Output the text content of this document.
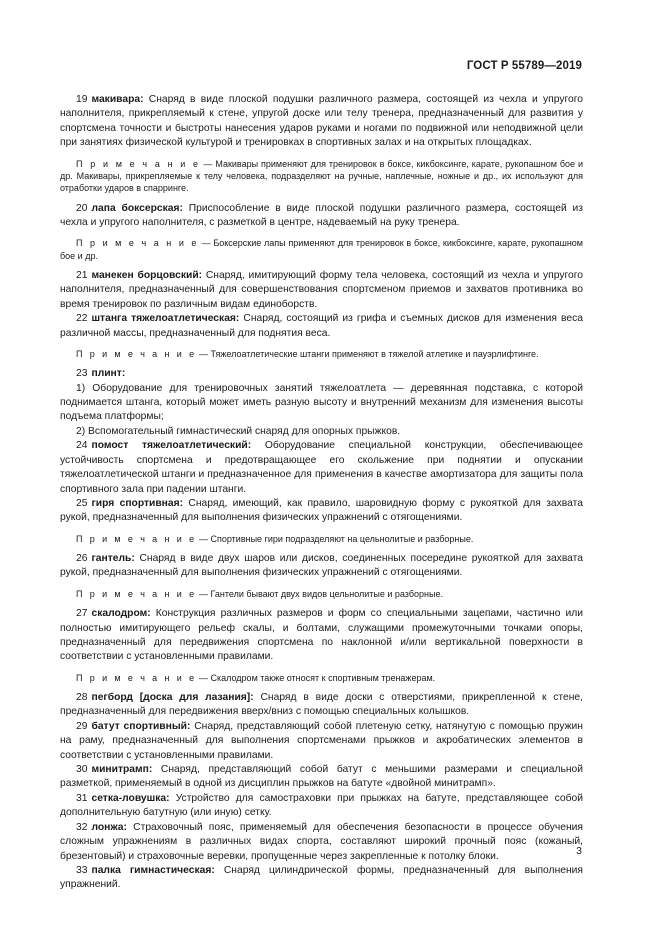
ГОСТ Р 55789—2019

19 макивара: Снаряд в виде плоской подушки различного размера, состоящей из чехла и упругого наполнителя, прикрепляемый к стене, упругой доске или телу тренера, предназначенный для развития у спортсмена точности и быстроты нанесения ударов руками и ногами по подвижной или неподвижной цели при занятиях физической культурой и тренировках в спортивных залах и на открытых площадках.

П р и м е ч а н и е — Макивары применяют для тренировок в боксе, кикбоксинге, карате, рукопашном бое и др. Макивары, прикрепляемые к телу человека, подразделяют на ручные, наплечные, ножные и др., их используют для отработки ударов в спарринге.

20 лапа боксерская: Приспособление в виде плоской подушки различного размера, состоящей из чехла и упругого наполнителя, с разметкой в центре, надеваемый на руку тренера.

П р и м е ч а н и е — Боксерские лапы применяют для тренировок в боксе, кикбоксинге, карате, рукопашном бое и др.

21 манекен борцовский: Снаряд, имитирующий форму тела человека, состоящий из чехла и упругого наполнителя, предназначенный для совершенствования спортсменом приемов и захватов противника во время тренировок по различным видам единоборств.

22 штанга тяжелоатлетическая: Снаряд, состоящий из грифа и съемных дисков для изменения веса различной массы, предназначенный для поднятия веса.

П р и м е ч а н и е — Тяжелоатлетические штанги применяют в тяжелой атлетике и пауэрлифтинге.

23 плинт:

1) Оборудование для тренировочных занятий тяжелоатлета — деревянная подставка, с которой поднимается штанга, который может иметь разную высоту и внутренний механизм для изменения высоты подъема платформы;

2) Вспомогательный гимнастический снаряд для опорных прыжков.

24 помост тяжелоатлетический: Оборудование специальной конструкции, обеспечивающее устойчивость спортсмена и предотвращающее его скольжение при поднятии и опускании тяжелоатлетической штанги и предназначенное для применения в качестве амортизатора для защиты пола спортивного зала при падении штанги.

25 гиря спортивная: Снаряд, имеющий, как правило, шаровидную форму с рукояткой для захвата рукой, предназначенный для выполнения физических упражнений с отягощениями.

П р и м е ч а н и е — Спортивные гири подразделяют на цельнолитые и разборные.

26 гантель: Снаряд в виде двух шаров или дисков, соединенных посередине рукояткой для захвата рукой, предназначенный для выполнения физических упражнений с отягощениями.

П р и м е ч а н и е — Гантели бывают двух видов цельнолитые и разборные.

27 скалодром: Конструкция различных размеров и форм со специальными зацепами, частично или полностью имитирующего рельеф скалы, и болтами, служащими промежуточными точками опоры, предназначенный для передвижения спортсмена по наклонной и/или вертикальной поверхности в соответствии с установленными правилами.

П р и м е ч а н и е — Скалодром также относят к спортивным тренажерам.

28 пегборд [доска для лазания]: Снаряд в виде доски с отверстиями, прикрепленной к стене, предназначенный для передвижения вверх/вниз с помощью специальных колышков.

29 батут спортивный: Снаряд, представляющий собой плетеную сетку, натянутую с помощью пружин на раму, предназначенный для выполнения спортсменами прыжков и акробатических элементов в соответствии с установленными правилами.

30 минитрамп: Снаряд, представляющий собой батут с меньшими размерами и специальной разметкой, применяемый в одной из дисциплин прыжков на батуте «двойной минитрамп».

31 сетка-ловушка: Устройство для самостраховки при прыжках на батуте, представляющее собой дополнительную батутную (или иную) сетку.

32 лонжа: Страховочный пояс, применяемый для обеспечения безопасности в процессе обучения сложным упражнениям в различных видах спорта, составляют широкий прочный пояс (кожаный, брезентовый) и страховочные веревки, пропущенные через закрепленные к потолку блоки.

33 палка гимнастическая: Снаряд цилиндрической формы, предназначенный для выполнения упражнений.

3
